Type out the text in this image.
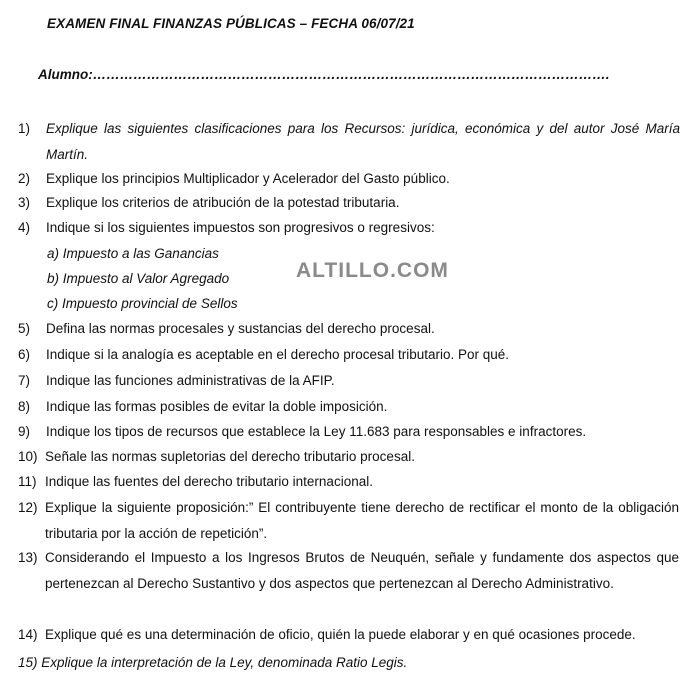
EXAMEN FINAL FINANZAS PÚBLICAS – FECHA 06/07/21
Alumno:…………………………………………………………………………………………………….
1) Explique las siguientes clasificaciones para los Recursos: jurídica, económica y del autor José María Martín.
2) Explique los principios Multiplicador y Acelerador del Gasto público.
3) Explique los criterios de atribución de la potestad tributaria.
4) Indique si los siguientes impuestos son progresivos o regresivos:
a) Impuesto a las Ganancias
b) Impuesto al Valor Agregado
c) Impuesto provincial de Sellos
ALTILLO.COM
5) Defina las normas procesales y sustancias del derecho procesal.
6) Indique si la analogía es aceptable en el derecho procesal tributario. Por qué.
7) Indique las funciones administrativas de la AFIP.
8) Indique las formas posibles de evitar la doble imposición.
9) Indique los tipos de recursos que establece la Ley 11.683 para responsables e infractores.
10) Señale las normas supletorias del derecho tributario procesal.
11) Indique las fuentes del derecho tributario internacional.
12) Explique la siguiente proposición:” El contribuyente tiene derecho de rectificar el monto de la obligación tributaria por la acción de repetición”.
13) Considerando el Impuesto a los Ingresos Brutos de Neuquén, señale y fundamente dos aspectos que pertenezcan al Derecho Sustantivo y dos aspectos que pertenezcan al Derecho Administrativo.
14) Explique qué es una determinación de oficio, quién la puede elaborar y en qué ocasiones procede.
15) Explique la interpretación de la Ley, denominada Ratio Legis.
